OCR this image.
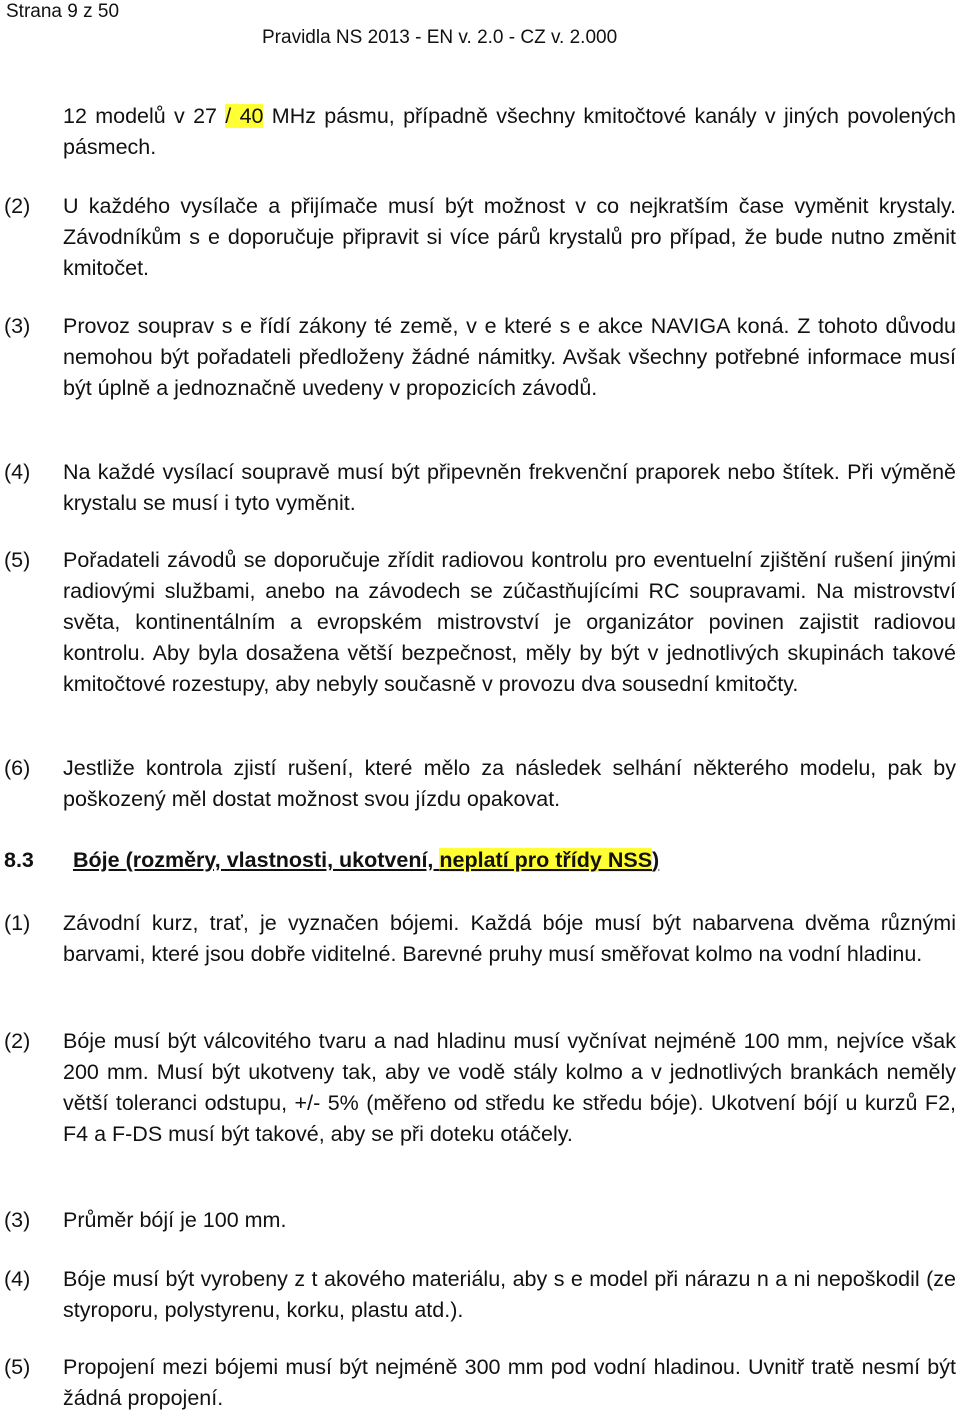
Strana 9 z 50
Pravidla NS 2013 - EN v. 2.0 - CZ v. 2.000
12 modelů v 27 / 40 MHz pásmu, případně všechny kmitočtové kanály v jiných povolených pásmech.
(2)	U každého vysílače a přijímače musí být možnost v co nejkratším čase vyměnit krystaly. Závodníkům s e doporučuje připravit si více párů krystalů pro případ, že bude nutno změnit kmitočet.
(3)	Provoz souprav s e řídí zákony té země, v e které s e akce NAVIGA koná. Z tohoto důvodu nemohou být pořadateli předloženy žádné námitky. Avšak všechny potřebné informace musí být úplně a jednoznačně uvedeny v propozicích závodů.
(4)	Na každé vysílací soupravě musí být připevněn frekvenční praporek nebo štítek. Při výměně krystalu se musí i tyto vyměnit.
(5)	Pořadateli závodů se doporučuje zřídit radiovou kontrolu pro eventuelní zjištění rušení jinými radiovými službami, anebo na závodech se zúčastňujícími RC soupravami. Na mistrovství světa, kontinentálním a evropském mistrovství je organizátor povinen zajistit radiovou kontrolu. Aby byla dosažena větší bezpečnost, měly by být v jednotlivých skupinách takové kmitočtové rozestupy, aby nebyly současně v provozu dva sousední kmitočty.
(6)	Jestliže kontrola zjistí rušení, které mělo za následek selhání některého modelu, pak by poškozený měl dostat možnost svou jízdu opakovat.
8.3 Bóje (rozměry, vlastnosti, ukotvení, neplatí pro třídy NSS)
(1)	Závodní kurz, trať, je vyznačen bójemi. Každá bóje musí být nabarvena dvěma různými barvami, které jsou dobře viditelné. Barevné pruhy musí směřovat kolmo na vodní hladinu.
(2)	Bóje musí být válcovitého tvaru a nad hladinu musí vyčnívat nejméně 100 mm, nejvíce však 200 mm. Musí být ukotveny tak, aby ve vodě stály kolmo a v jednotlivých brankách neměly větší toleranci odstupu, +/- 5% (měřeno od středu ke středu bóje). Ukotvení bójí u kurzů F2, F4 a F-DS musí být takové, aby se při doteku otáčely.
(3)	Průměr bójí je 100 mm.
(4)	Bóje musí být vyrobeny z t akového materiálu, aby s e model při nárazu n a ni nepoškodil (ze styroporu, polystyrenu, korku, plastu atd.).
(5)	Propojení mezi bójemi musí být nejméně 300 mm pod vodní hladinou. Uvnitř tratě nesmí být žádná propojení.
